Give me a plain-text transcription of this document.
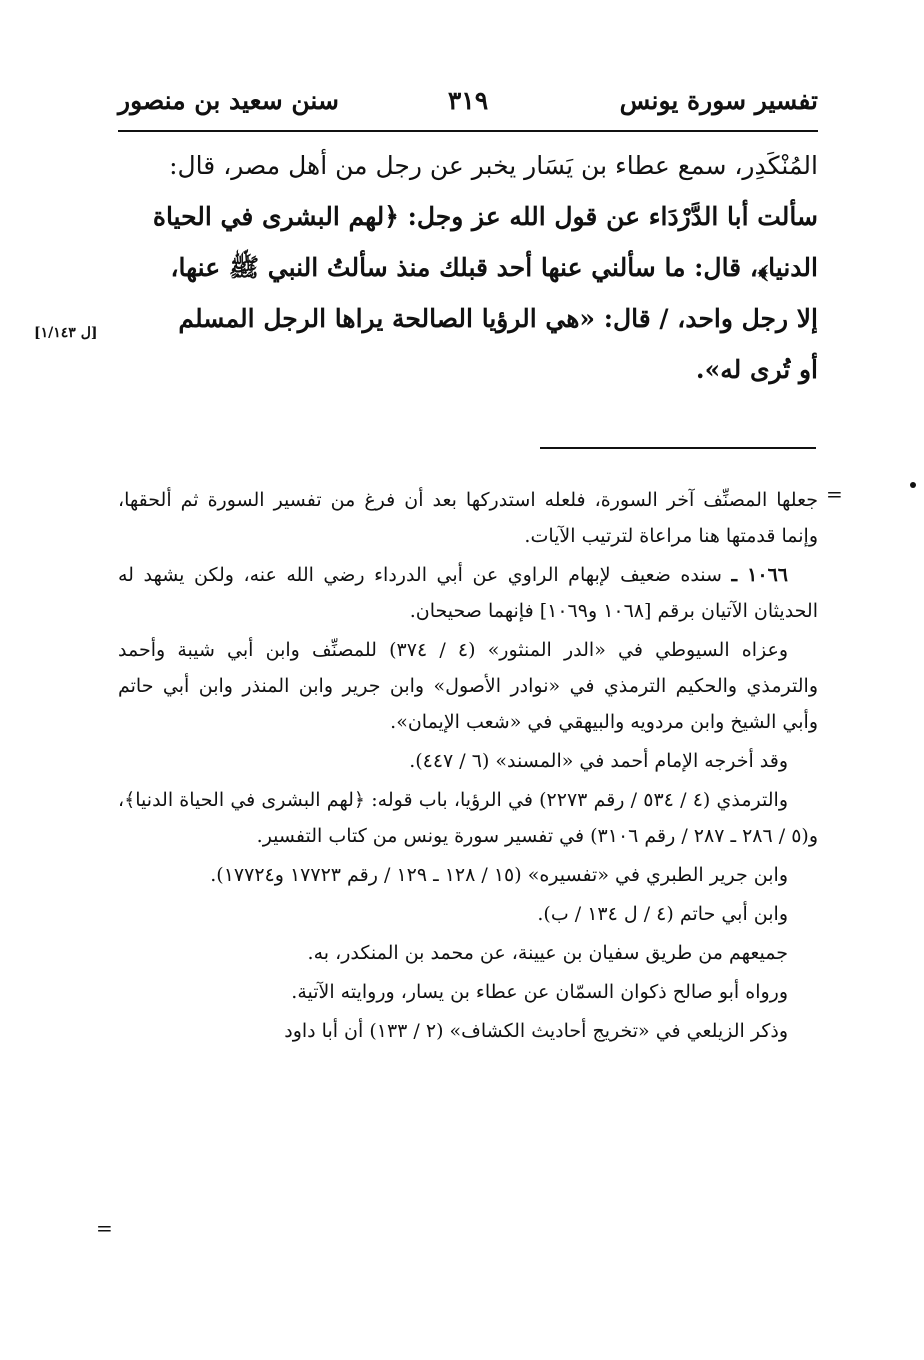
تفسير سورة يونس
٣١٩
سنن سعيد بن منصور

المُنْكَدِر، سمع عطاء بن يَسَار يخبر عن رجل من أهل مصر، قال:

سألت أبا الدَّرْدَاء عن قول الله عز وجل: ﴿لهم البشرى في الحياة

الدنيا﴾، قال: ما سألني عنها أحد قبلك منذ سألتُ النبي ﷺ عنها،

إلا رجل واحد، / قال: «هي الرؤيا الصالحة يراها الرجل المسلم

أو تُرى له».

[ل ١/١٤٣]
=

جعلها المصنِّف آخر السورة، فلعله استدركها بعد أن فرغ من تفسير السورة ثم ألحقها، وإنما قدمتها هنا مراعاة لترتيب الآيات.

١٠٦٦ ـ سنده ضعيف لإبهام الراوي عن أبي الدرداء رضي الله عنه، ولكن يشهد له الحديثان الآتيان برقم [١٠٦٨ و١٠٦٩] فإنهما صحيحان.

وعزاه السيوطي في «الدر المنثور» (٤ / ٣٧٤) للمصنِّف وابن أبي شيبة وأحمد والترمذي والحكيم الترمذي في «نوادر الأصول» وابن جرير وابن المنذر وابن أبي حاتم وأبي الشيخ وابن مردويه والبيهقي في «شعب الإيمان».

وقد أخرجه الإمام أحمد في «المسند» (٦ / ٤٤٧).

والترمذي (٤ / ٥٣٤ / رقم ٢٢٧٣) في الرؤيا، باب قوله: ﴿لهم البشرى في الحياة الدنيا﴾، و(٥ / ٢٨٦ ـ ٢٨٧ / رقم ٣١٠٦) في تفسير سورة يونس من كتاب التفسير.

وابن جرير الطبري في «تفسيره» (١٥ / ١٢٨ ـ ١٢٩ / رقم ١٧٧٢٣ و١٧٧٢٤).

وابن أبي حاتم (٤ / ل ١٣٤ / ب).

جميعهم من طريق سفيان بن عيينة، عن محمد بن المنكدر، به.

ورواه أبو صالح ذكوان السمّان عن عطاء بن يسار، وروايته الآتية.

وذكر الزيلعي في «تخريج أحاديث الكشاف» (٢ / ١٣٣) أن أبا داود

=
